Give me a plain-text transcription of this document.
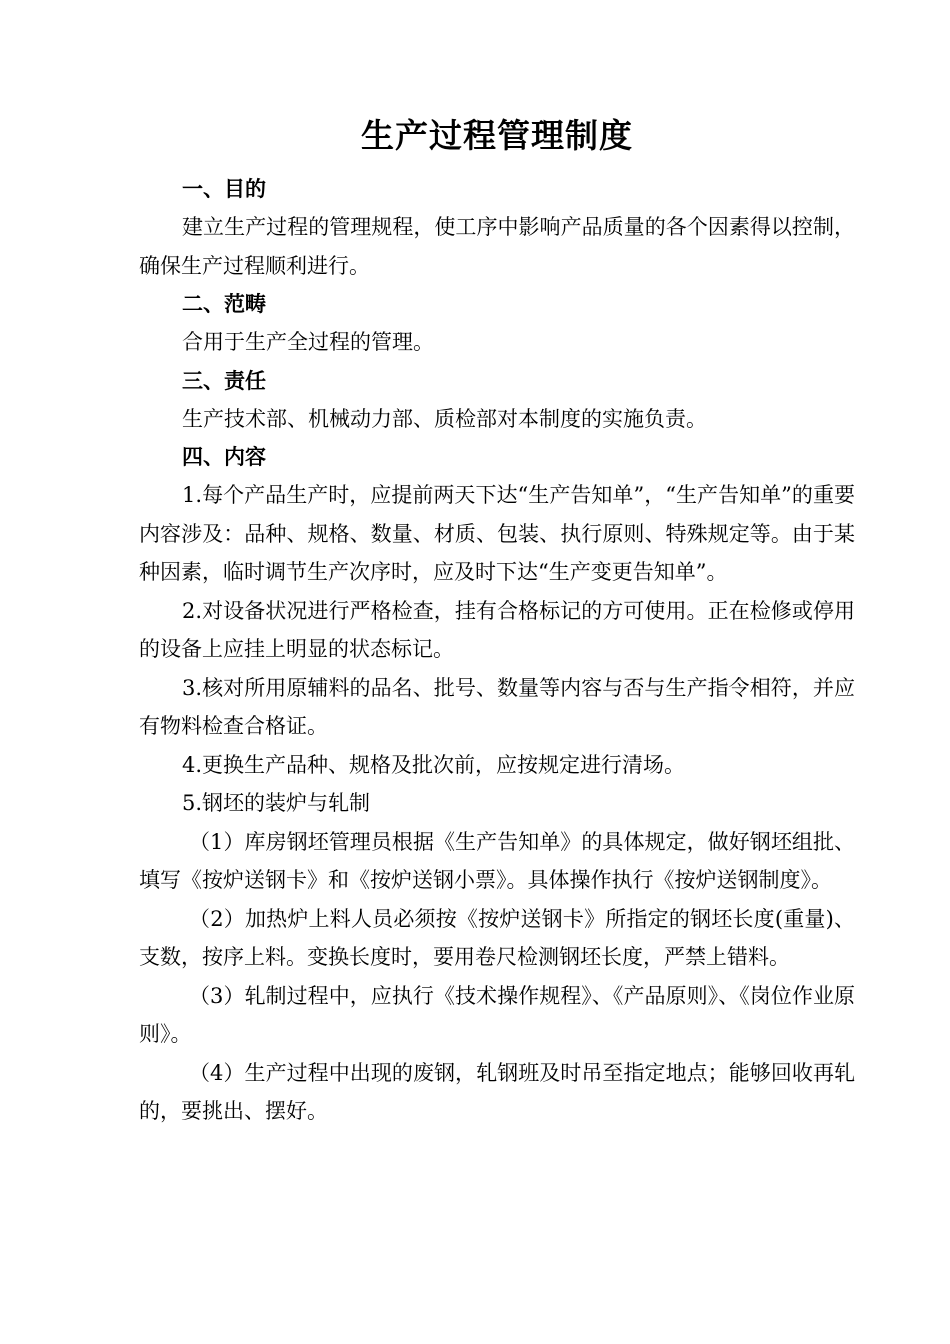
生产过程管理制度

一、目的

建立生产过程的管理规程，使工序中影响产品质量的各个因素得以控制，确保生产过程顺利进行。

二、范畴

合用于生产全过程的管理。

三、责任

生产技术部、机械动力部、质检部对本制度的实施负责。

四、内容

1.每个产品生产时，应提前两天下达“生产告知单”，“生产告知单”的重要内容涉及：品种、规格、数量、材质、包装、执行原则、特殊规定等。由于某种因素，临时调节生产次序时，应及时下达“生产变更告知单”。

2.对设备状况进行严格检查，挂有合格标记的方可使用。正在检修或停用的设备上应挂上明显的状态标记。

3.核对所用原辅料的品名、批号、数量等内容与否与生产指令相符，并应有物料检查合格证。

4.更换生产品种、规格及批次前，应按规定进行清场。

5.钢坯的装炉与轧制

（1）库房钢坯管理员根据《生产告知单》的具体规定，做好钢坯组批、填写《按炉送钢卡》和《按炉送钢小票》。具体操作执行《按炉送钢制度》。

（2）加热炉上料人员必须按《按炉送钢卡》所指定的钢坯长度(重量)、支数，按序上料。变换长度时，要用卷尺检测钢坯长度，严禁上错料。

（3）轧制过程中，应执行《技术操作规程》、《产品原则》、《岗位作业原则》。

（4）生产过程中出现的废钢，轧钢班及时吊至指定地点；能够回收再轧的，要挑出、摆好。
